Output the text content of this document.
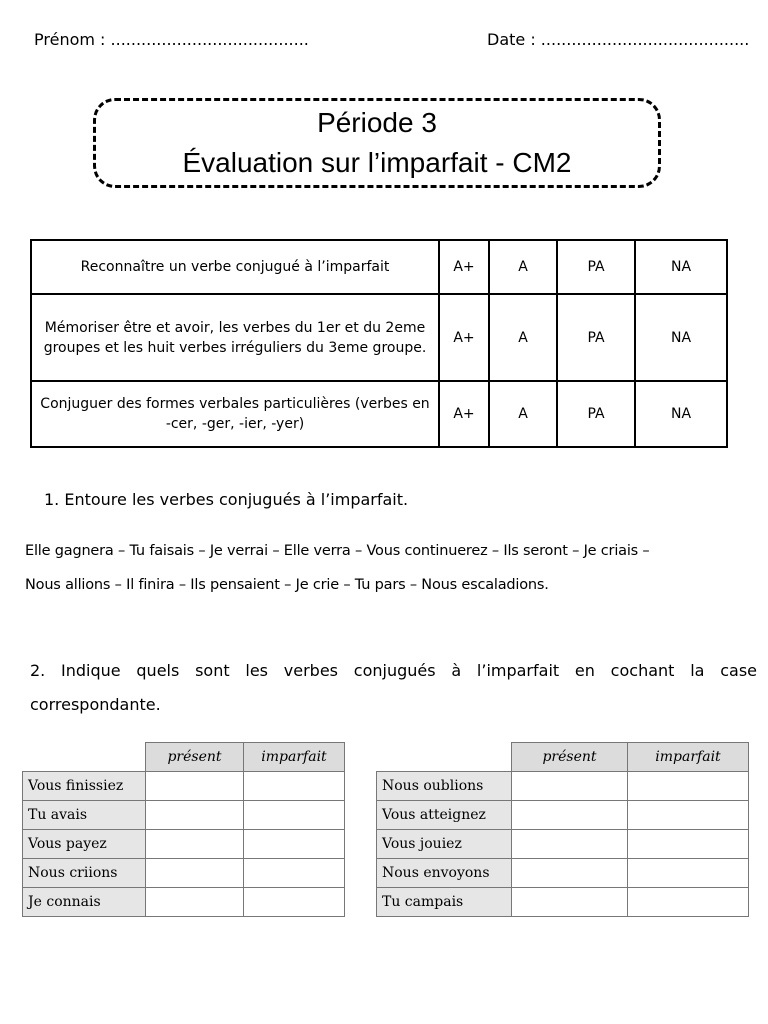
Prénom : .......................................	Date : .........................................
Période 3
Évaluation sur l’imparfait - CM2
Reconnaître un verbe conjugué à l’imparfait	A+	A	PA	NA
Mémoriser être et avoir, les verbes du 1er et du 2eme groupes et les huit verbes irréguliers du 3eme groupe.	A+	A	PA	NA
Conjuguer des formes verbales particulières (verbes en -cer, -ger, -ier, -yer)	A+	A	PA	NA
1. Entoure les verbes conjugués à l’imparfait.
Elle gagnera – Tu faisais – Je verrai – Elle verra – Vous continuerez – Ils seront – Je criais –
Nous allions – Il finira – Ils pensaient – Je crie – Tu pars – Nous escaladions.
2. Indique quels sont les verbes conjugués à l’imparfait en cochant la case correspondante.
	présent	imparfait
Vous finissiez		
Tu avais		
Vous payez		
Nous criions		
Je connais		
	présent	imparfait
Nous oublions		
Vous atteignez		
Vous jouiez		
Nous envoyons		
Tu campais		
